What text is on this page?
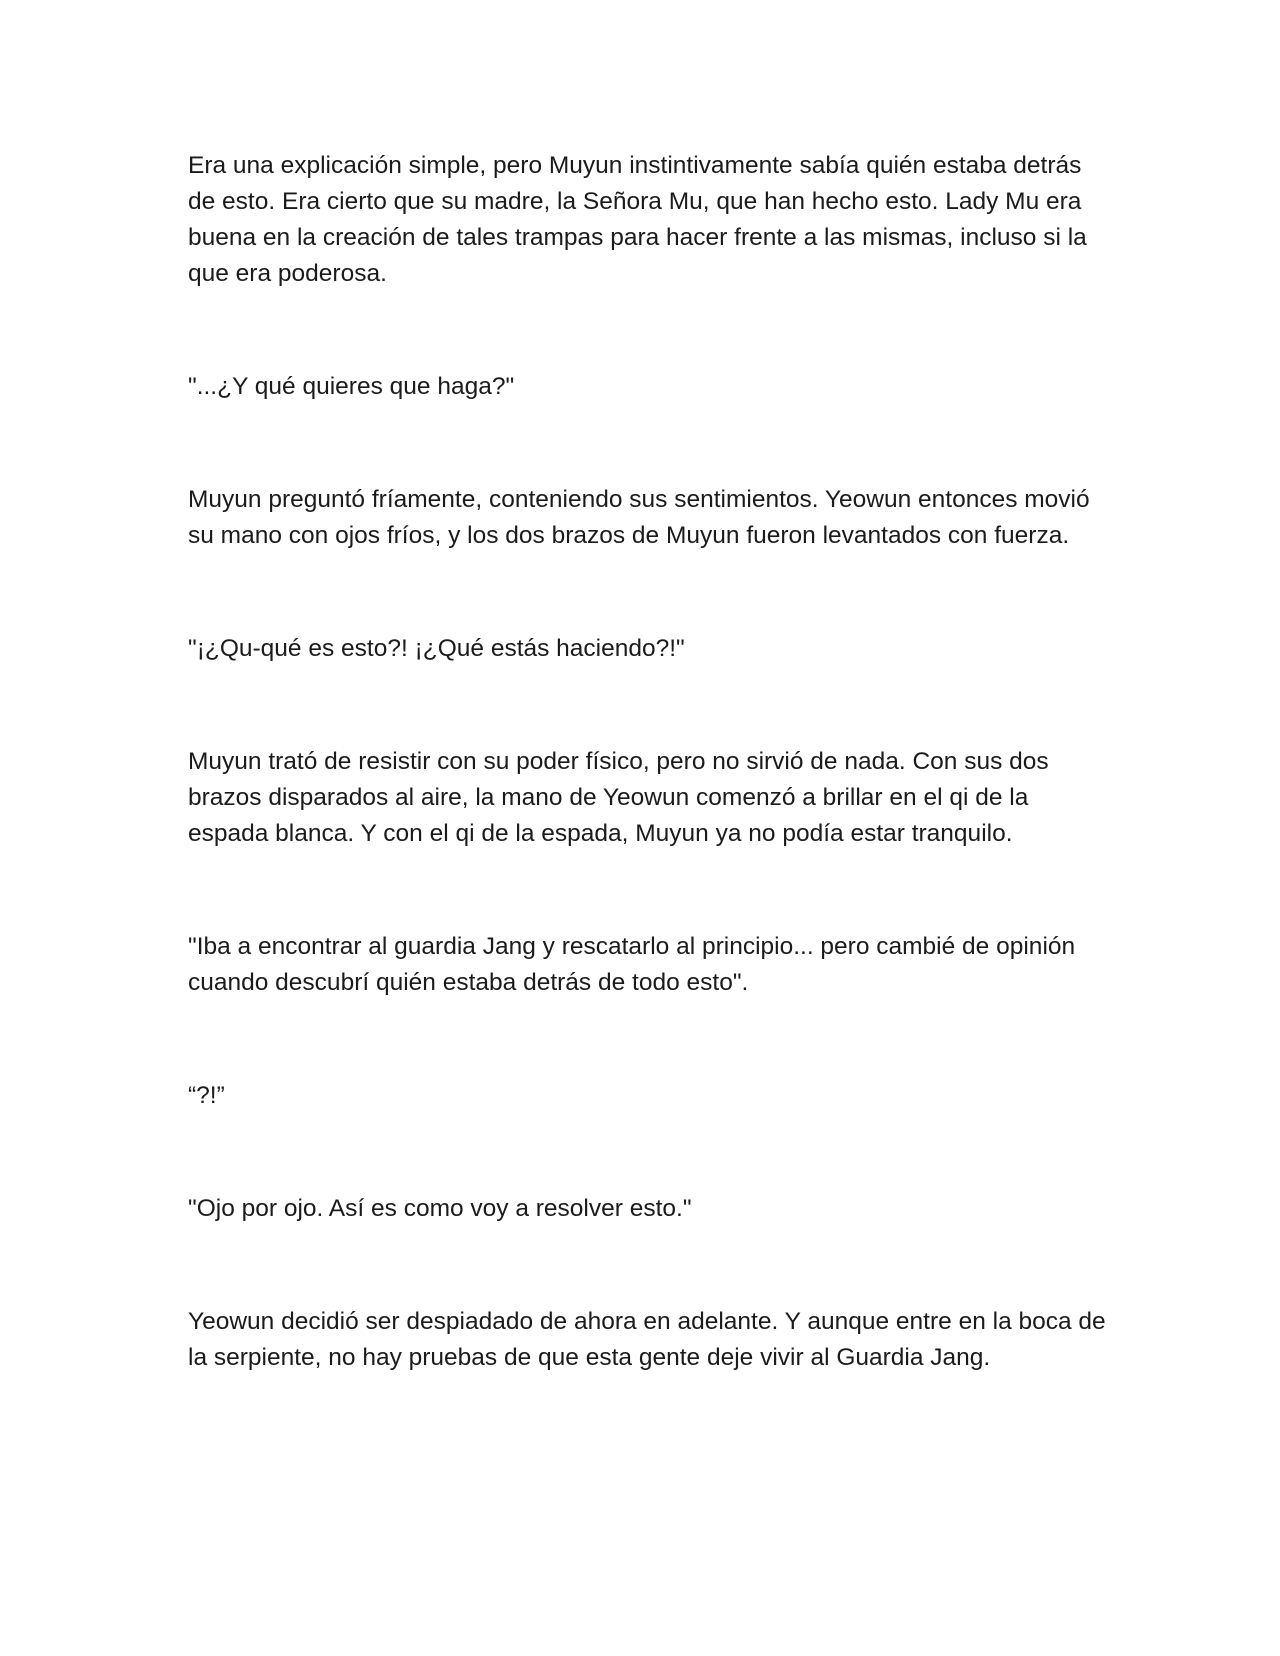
Era una explicación simple, pero Muyun instintivamente sabía quién estaba detrás de esto. Era cierto que su madre, la Señora Mu, que han hecho esto. Lady Mu era buena en la creación de tales trampas para hacer frente a las mismas, incluso si la que era poderosa.

"...¿Y qué quieres que haga?"

Muyun preguntó fríamente, conteniendo sus sentimientos. Yeowun entonces movió su mano con ojos fríos, y los dos brazos de Muyun fueron levantados con fuerza.

"¡¿Qu-qué es esto?! ¡¿Qué estás haciendo?!"

Muyun trató de resistir con su poder físico, pero no sirvió de nada. Con sus dos brazos disparados al aire, la mano de Yeowun comenzó a brillar en el qi de la espada blanca. Y con el qi de la espada, Muyun ya no podía estar tranquilo.

"Iba a encontrar al guardia Jang y rescatarlo al principio... pero cambié de opinión cuando descubrí quién estaba detrás de todo esto".

“?!”

"Ojo por ojo. Así es como voy a resolver esto."

Yeowun decidió ser despiadado de ahora en adelante. Y aunque entre en la boca de la serpiente, no hay pruebas de que esta gente deje vivir al Guardia Jang.
